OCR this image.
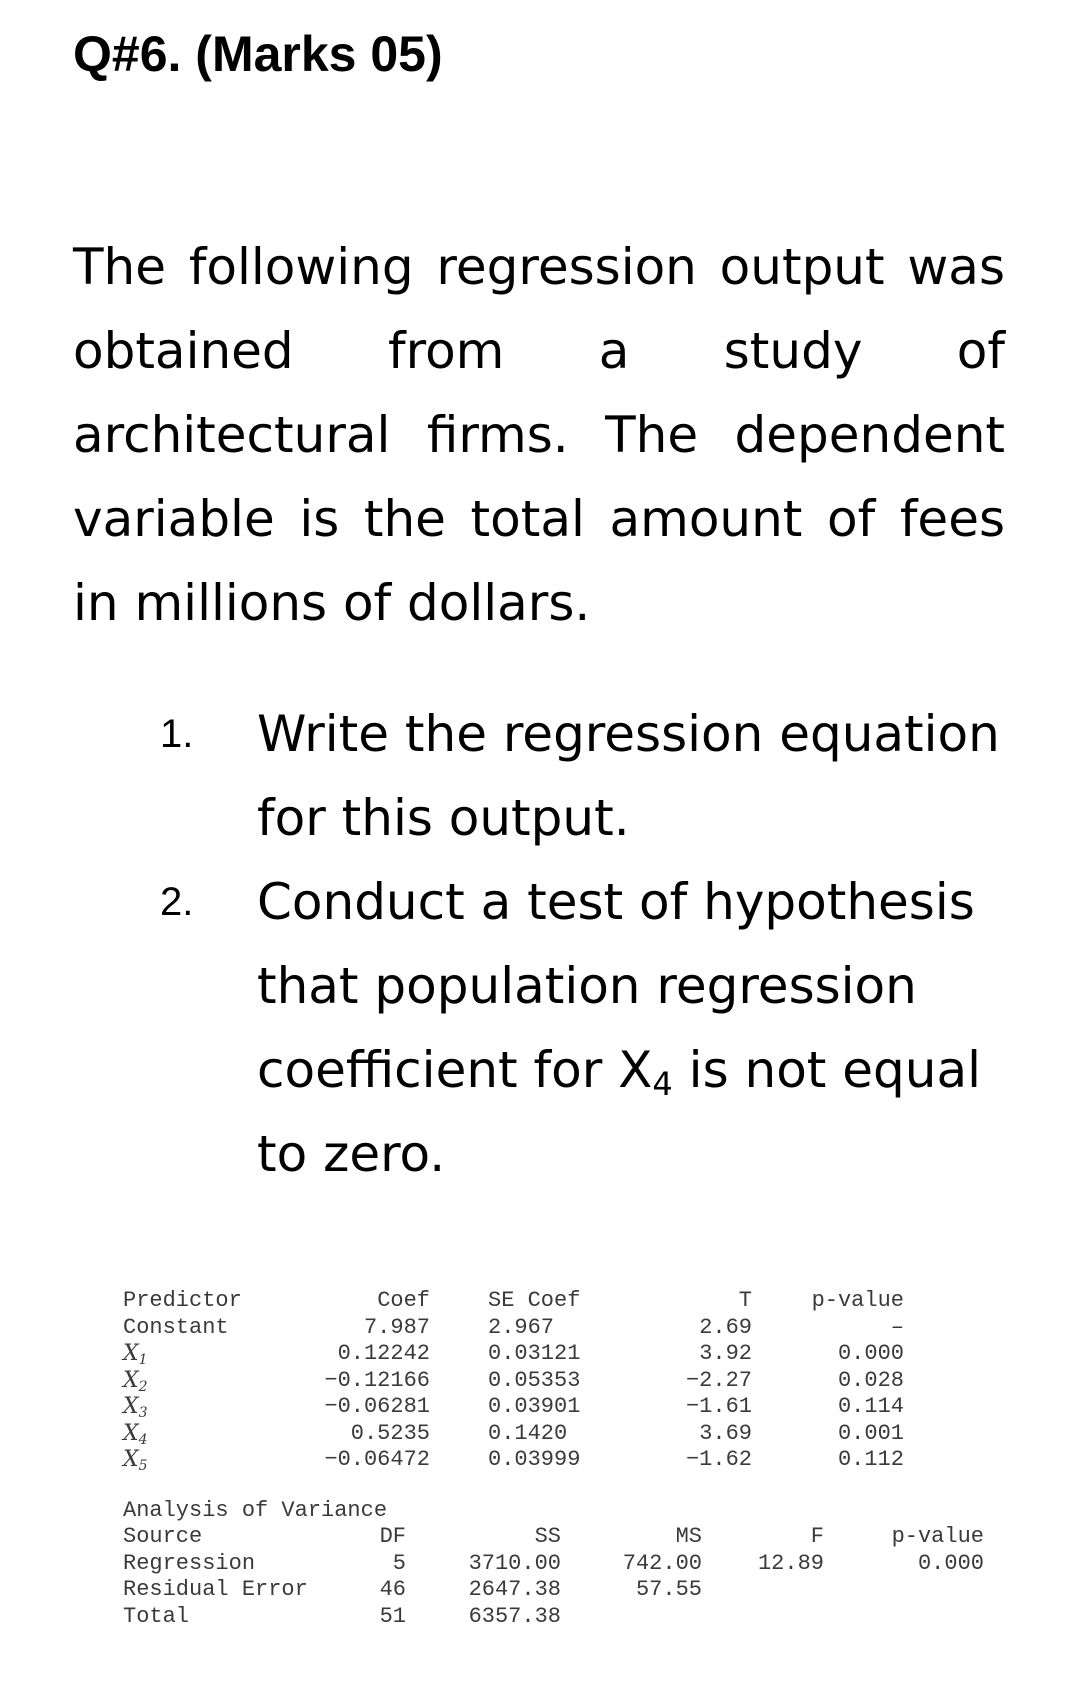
Q#6. (Marks 05)
The following regression output was obtained from a study of architectural firms. The dependent variable is the total amount of fees in millions of dollars.
1. Write the regression equation for this output.
2. Conduct a test of hypothesis that population regression coefficient for $X_4$ is not equal to zero.
Predictor	Coef	SE Coef	T	p-value
Constant	7.987	2.967	2.69	–
$X_1$	0.12242	0.03121	3.92	0.000
$X_2$	−0.12166	0.05353	−2.27	0.028
$X_3$	−0.06281	0.03901	−1.61	0.114
$X_4$	0.5235	0.1420	3.69	0.001
$X_5$	−0.06472	0.03999	−1.62	0.112
Analysis of Variance
Source	DF	SS	MS	F	p-value
Regression	5	3710.00	742.00	12.89	0.000
Residual Error	46	2647.38	57.55		
Total	51	6357.38			
